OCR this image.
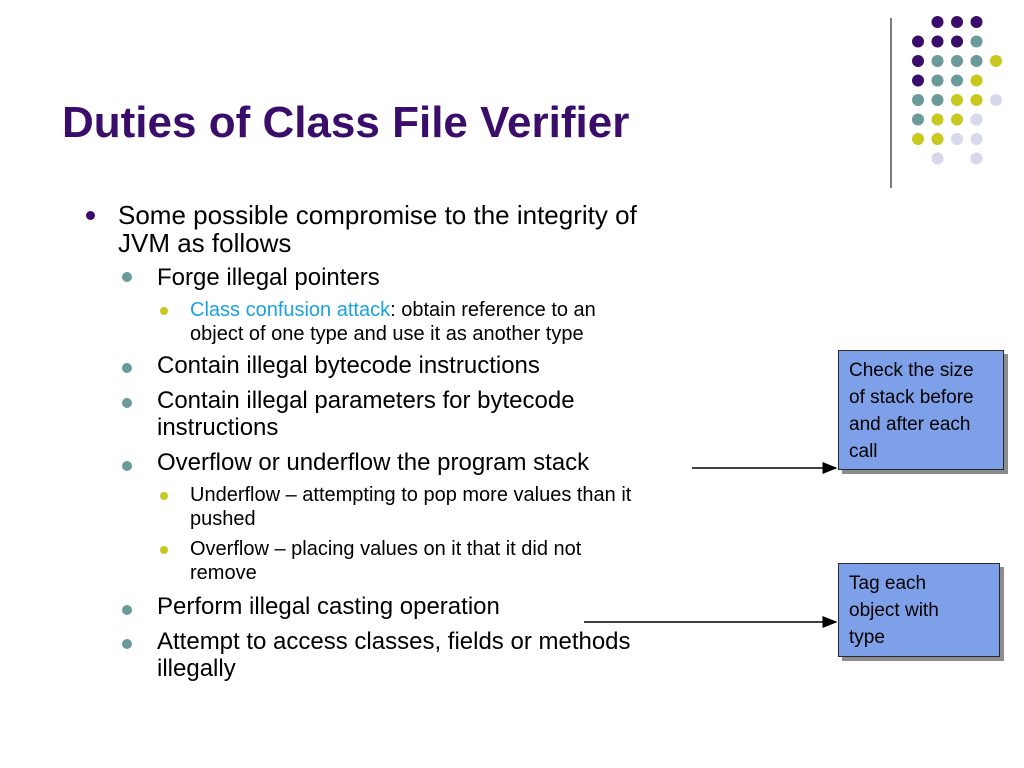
Duties of Class File Verifier
Some possible compromise to the integrity of
JVM as follows
Forge illegal pointers
Class confusion attack: obtain reference to an
object of one type and use it as another type
Contain illegal bytecode instructions
Contain illegal parameters for bytecode
instructions
Overflow or underflow the program stack
Underflow – attempting to pop more values than it
pushed
Overflow – placing values on it that it did not
remove
Perform illegal casting operation
Attempt to access classes, fields or methods
illegally
Check the size
of stack before
and after each
call
Tag each
object with
type
